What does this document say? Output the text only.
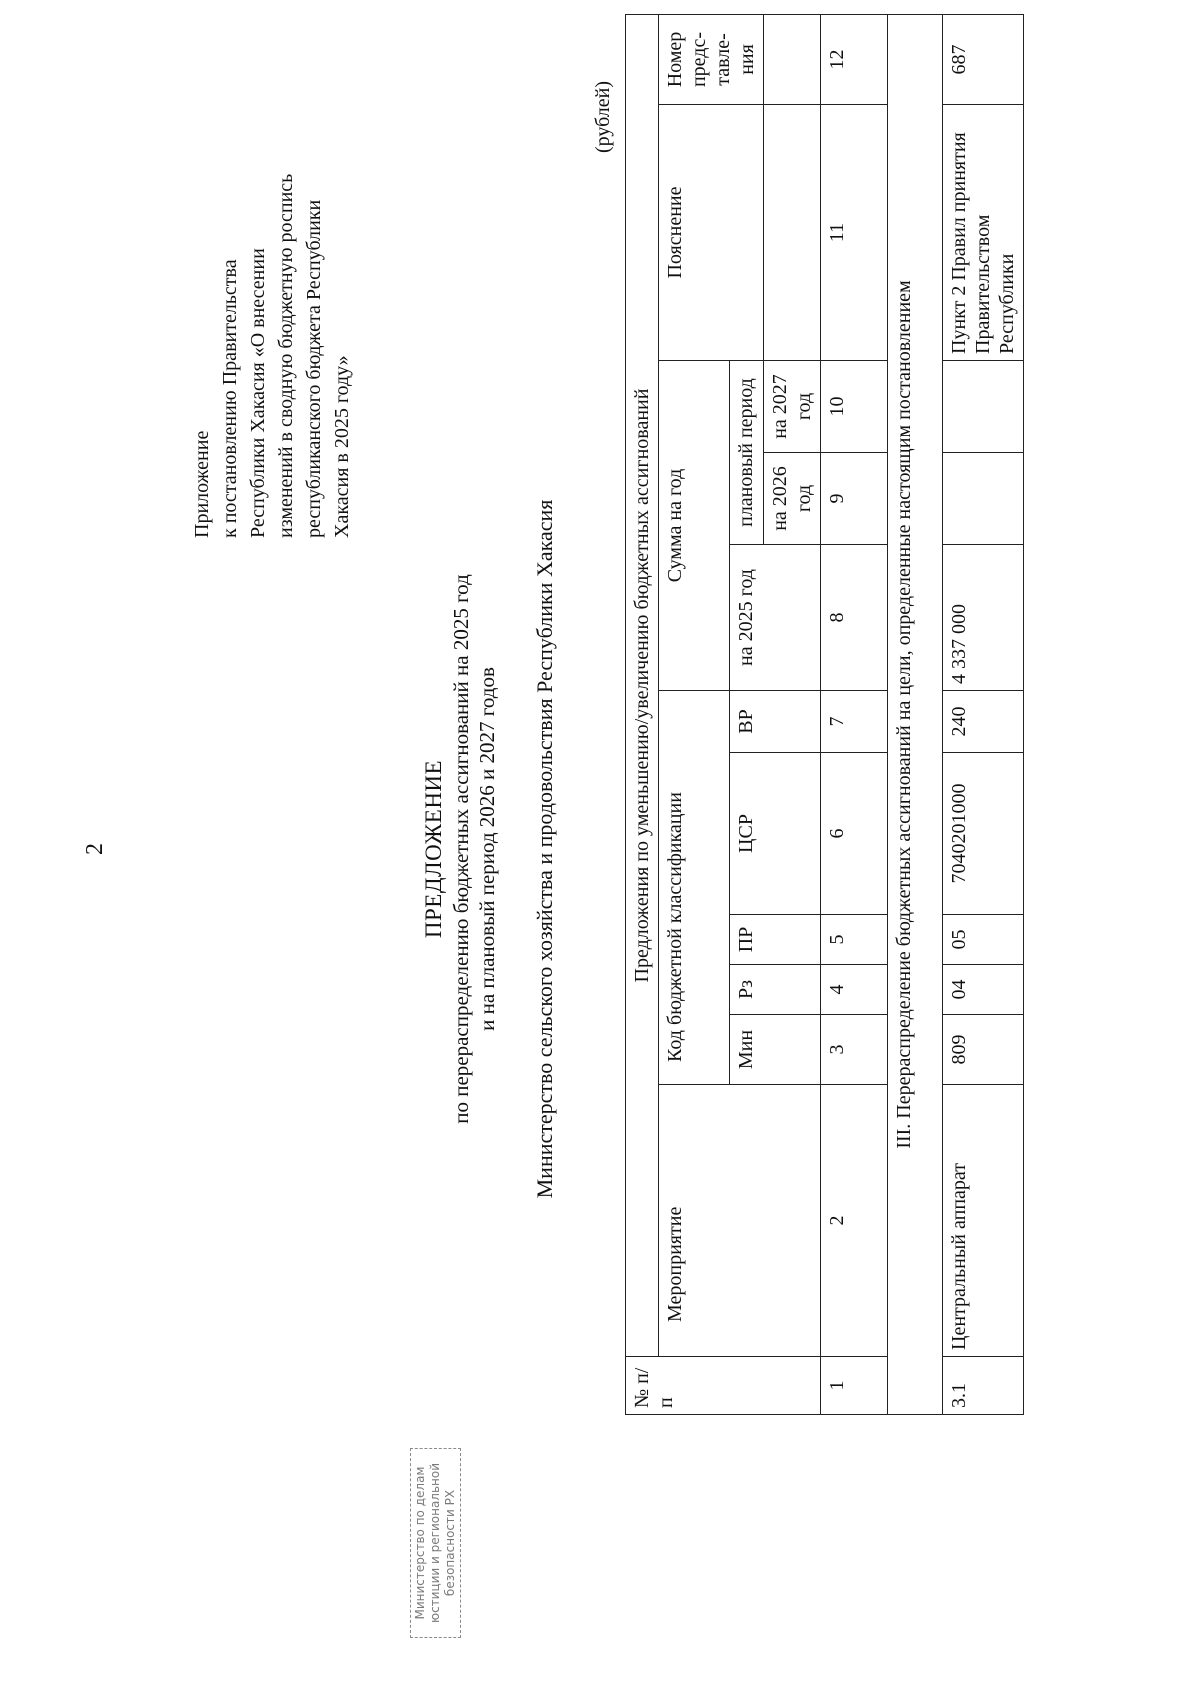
2
Министерство по делам юстиции и региональной безопасности РХ
Приложение к постановлению Правительства Республики Хакасия «О внесении изменений в сводную бюджетную роспись республиканского бюджета Республики Хакасия в 2025 году»
ПРЕДЛОЖЕНИЕ по перераспределению бюджетных ассигнований на 2025 год и на плановый период 2026 и 2027 годов Министерство сельского хозяйства и продовольствия Республики Хакасия
(рублей)
№ п/п	Предложения по уменьшению/увеличению бюджетных ассигнований										
	Мероприятие	Код бюджетной классификации					Сумма на год			Пояснение	Номер предс-тавле-ния
		Мин	Рз	ПР	ЦСР	ВР	на 2025 год	плановый период			
								на 2026 год	на 2027 год		
1	2	3	4	5	6	7	8	9	10	11	12
III. Перераспределение бюджетных ассигнований на цели, определенные настоящим постановлением											
3.1	Центральный аппарат	809	04	05	7040201000	240	4 337 000			Пункт 2 Правил принятия Правительством Республики	687
